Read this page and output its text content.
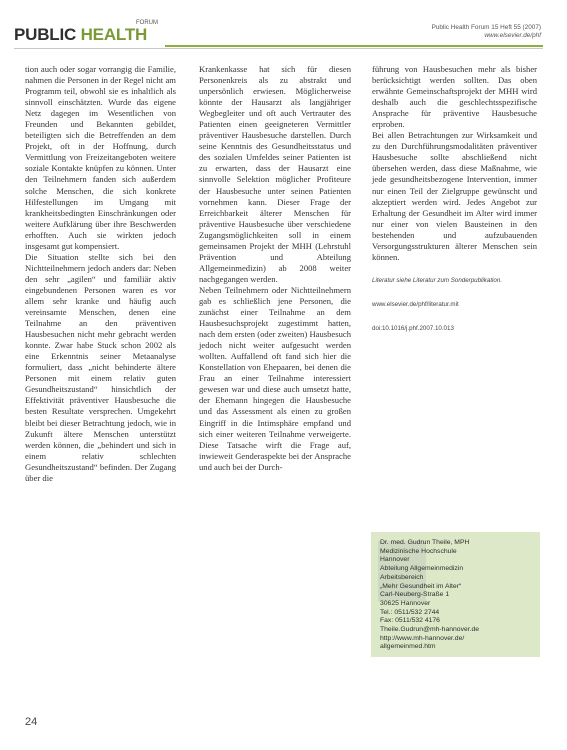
FORUM
PUBLIC HEALTH	Public Health Forum 15 Heft 55 (2007)
www.elsevier.de/phf

tion auch oder sogar vorrangig die Familie, nahmen die Personen in der Regel nicht am Programm teil, obwohl sie es inhaltlich als sinnvoll einschätzten. Wurde das eigene Netz dagegen im Wesentlichen von Freunden und Bekannten gebildet, beteiligten sich die Betreffenden an dem Projekt, oft in der Hoffnung, durch Vermittlung von Freizeitangeboten weitere soziale Kontakte knüpfen zu können. Unter den Teilnehmern fanden sich außerdem solche Menschen, die sich konkrete Hilfestellungen im Umgang mit krankheitsbedingten Einschränkungen oder weitere Aufklärung über ihre Beschwerden erhofften. Auch sie wirkten jedoch insgesamt gut kompensiert.

Die Situation stellte sich bei den Nichtteilnehmern jedoch anders dar: Neben den sehr „agilen“ und familiär aktiv eingebundenen Personen waren es vor allem sehr kranke und häufig auch vereinsamte Menschen, denen eine Teilnahme an den präventiven Hausbesuchen nicht mehr gebracht werden konnte. Zwar habe Stuck schon 2002 als eine Erkenntnis seiner Metaanalyse formuliert, dass „nicht behinderte ältere Personen mit einem relativ guten Gesundheitszustand“ hinsichtlich der Effektivität präventiver Hausbesuche die besten Resultate versprechen. Umgekehrt bleibt bei dieser Betrachtung jedoch, wie in Zukunft ältere Menschen unterstützt werden können, die „behindert und sich in einem relativ schlechten Gesundheitszustand“ befinden. Der Zugang über die

Krankenkasse hat sich für diesen Personenkreis als zu abstrakt und unpersönlich erwiesen. Möglicherweise könnte der Hausarzt als langjähriger Wegbegleiter und oft auch Vertrauter des Patienten einen geeigneteren Vermittler präventiver Hausbesuche darstellen. Durch seine Kenntnis des Gesundheitsstatus und des sozialen Umfeldes seiner Patienten ist zu erwarten, dass der Hausarzt eine sinnvolle Selektion möglicher Profiteure der Hausbesuche unter seinen Patienten vornehmen kann. Dieser Frage der Erreichbarkeit älterer Menschen für präventive Hausbesuche über verschiedene Zugangsmöglichkeiten soll in einem gemeinsamen Projekt der MHH (Lehrstuhl Prävention und Abteilung Allgemeinmedizin) ab 2008 weiter nachgegangen werden.

Neben Teilnehmern oder Nichtteilnehmern gab es schließlich jene Personen, die zunächst einer Teilnahme an dem Hausbesuchsprojekt zugestimmt hatten, nach dem ersten (oder zweiten) Hausbesuch jedoch nicht weiter aufgesucht werden wollten. Auffallend oft fand sich hier die Konstellation von Ehepaaren, bei denen die Frau an einer Teilnahme interessiert gewesen war und diese auch umsetzt hatte, der Ehemann hingegen die Hausbesuche und das Assessment als einen zu großen Eingriff in die Intimsphäre empfand und sich einer weiteren Teilnahme verweigerte. Diese Tatsache wirft die Frage auf, inwieweit Genderaspekte bei der Ansprache und auch bei der Durch-

führung von Hausbesuchen mehr als bisher berücksichtigt werden sollten. Das oben erwähnte Gemeinschaftsprojekt der MHH wird deshalb auch die geschlechtsspezifische Ansprache für präventive Hausbesuche erproben.

Bei allen Betrachtungen zur Wirksamkeit und zu den Durchführungsmodalitäten präventiver Hausbesuche sollte abschließend nicht übersehen werden, dass diese Maßnahme, wie jede gesundheitsbezogene Intervention, immer nur einen Teil der Zielgruppe gewünscht und akzeptiert werden wird. Jedes Angebot zur Erhaltung der Gesundheit im Alter wird immer nur einer von vielen Bausteinen in den bestehenden und aufzubauenden Versorgungsstrukturen älterer Menschen sein können.

Literatur siehe Literatur zum Sonderpublikation.
www.elsevier.de/phf/literatur.mit
doi:10.1016/j.phf.2007.10.013
Dr. med. Gudrun Theile, MPH
Medizinische Hochschule
Hannover
Abteilung Allgemeinmedizin
Arbeitsbereich
„Mehr Gesundheit im Alter“
Carl-Neuberg-Straße 1
30625 Hannover
Tel.: 0511/532 2744
Fax: 0511/532 4176
Theile.Gudrun@mh-hannover.de
http://www.mh-hannover.de/
allgemeinmed.htm
24
